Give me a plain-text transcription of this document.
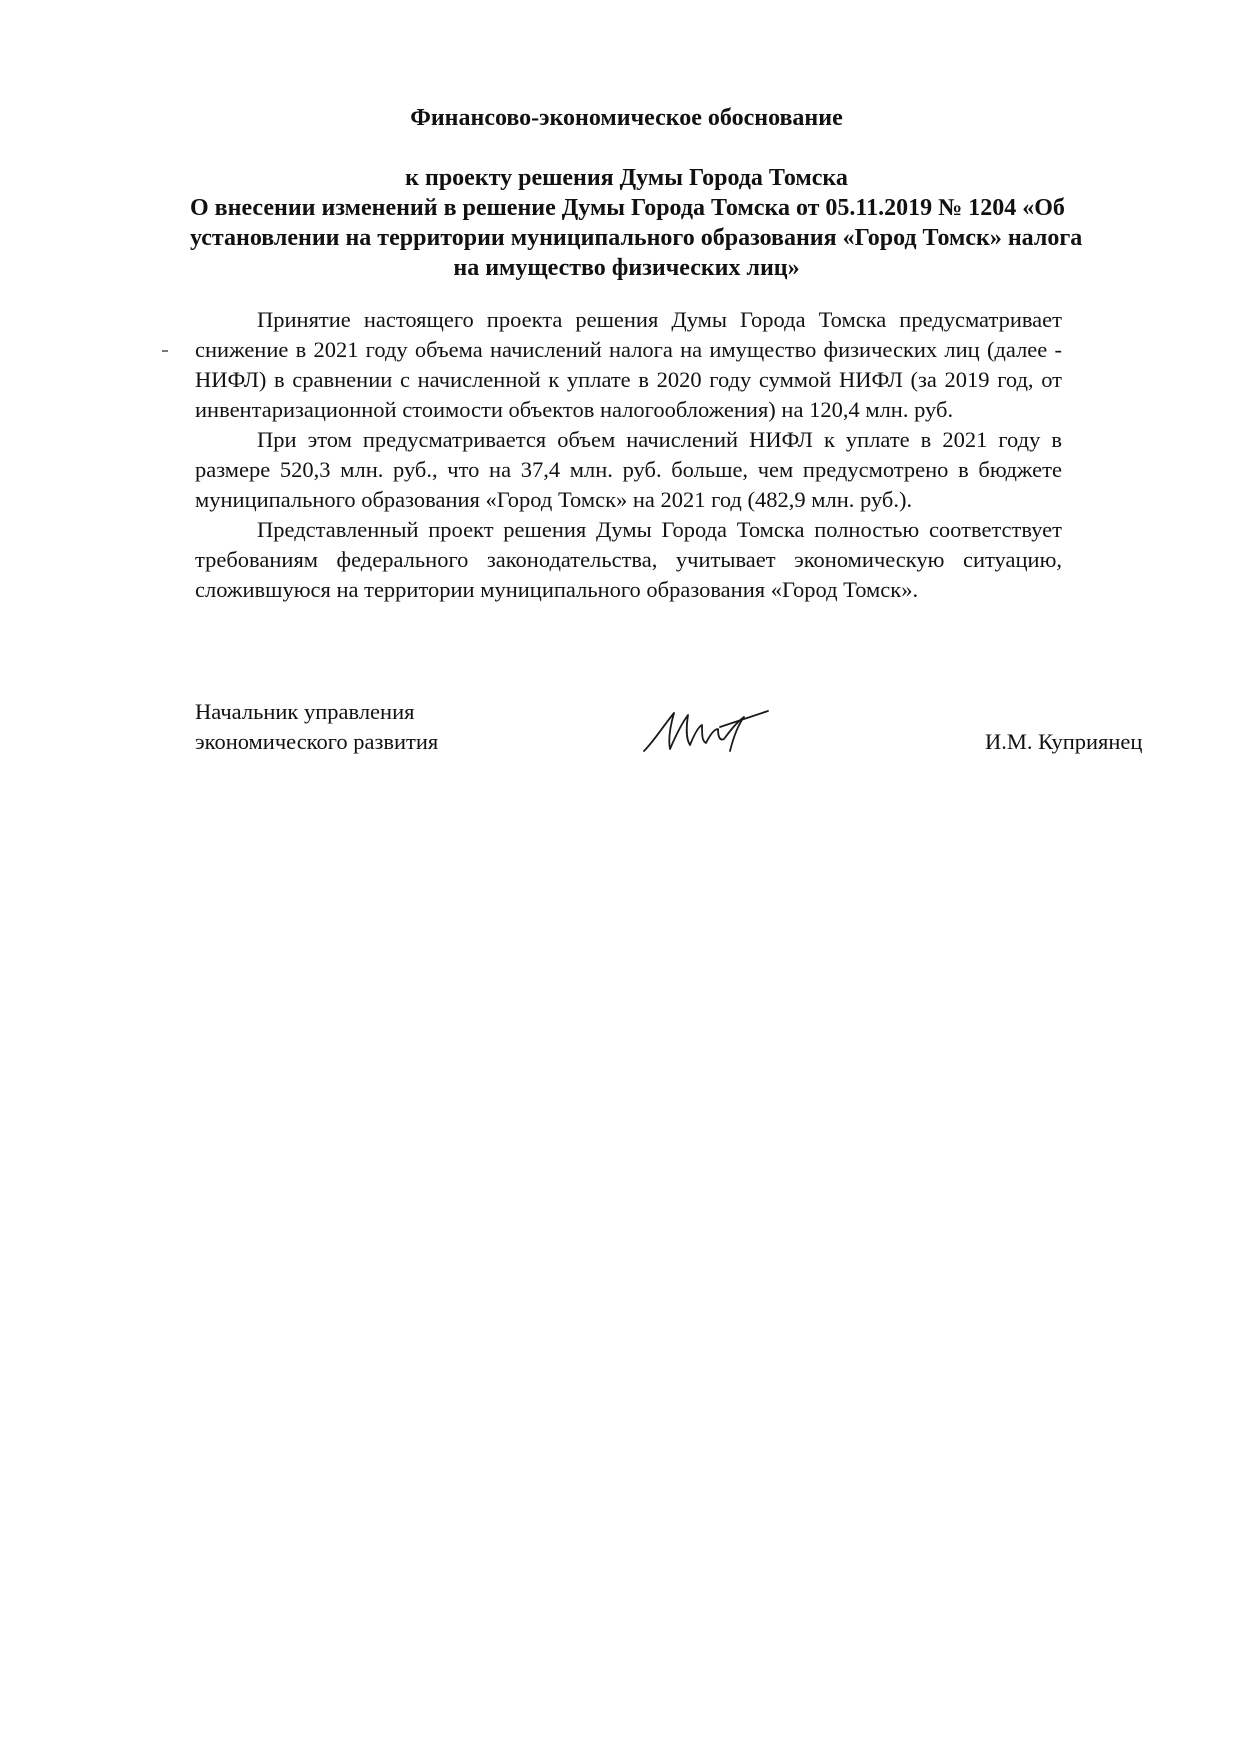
Финансово-экономическое обоснование
к проекту решения Думы Города Томска
О внесении изменений в решение Думы Города Томска от 05.11.2019 № 1204 «Об
установлении на территории муниципального образования «Город Томск» налога
на имущество физических лиц»

Принятие настоящего проекта решения Думы Города Томска предусматривает снижение в 2021 году объема начислений налога на имущество физических лиц (далее - НИФЛ) в сравнении с начисленной к уплате в 2020 году суммой НИФЛ (за 2019 год, от инвентаризационной стоимости объектов налогообложения) на 120,4 млн. руб.

При этом предусматривается объем начислений НИФЛ к уплате в 2021 году в размере 520,3 млн. руб., что на 37,4 млн. руб. больше, чем предусмотрено в бюджете муниципального образования «Город Томск» на 2021 год (482,9 млн. руб.).

Представленный проект решения Думы Города Томска полностью соответствует требованиям федерального законодательства, учитывает экономическую ситуацию, сложившуюся на территории муниципального образования «Город Томск».

Начальник управления
экономического развития	И.М. Куприянец
